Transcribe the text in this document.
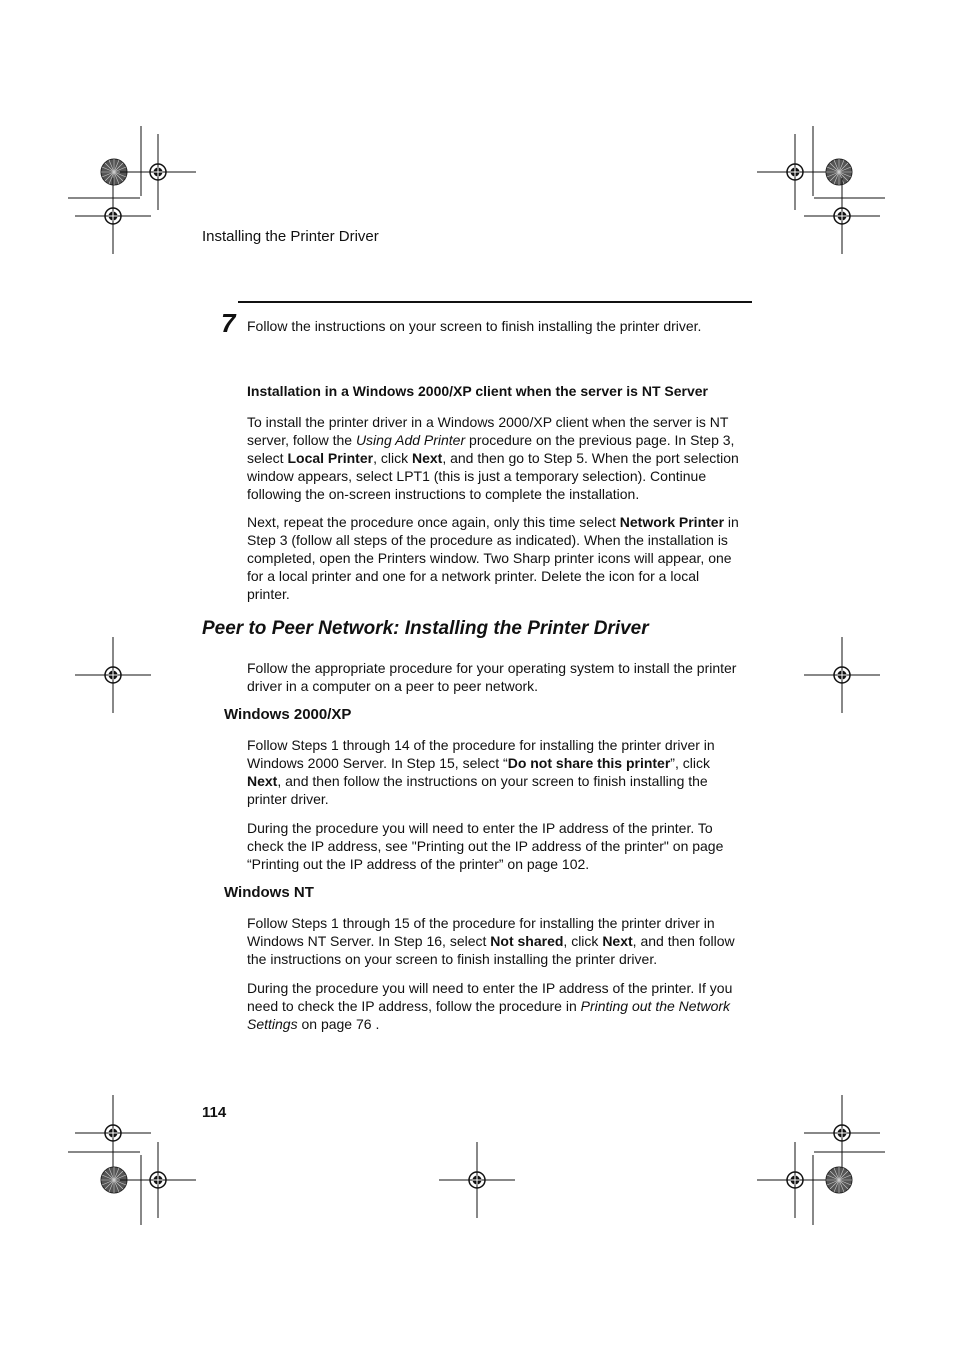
Installing the Printer Driver
7 Follow the instructions on your screen to finish installing the printer driver.
Installation in a Windows 2000/XP client when the server is NT Server
To install the printer driver in a Windows 2000/XP client when the server is NT server, follow the Using Add Printer procedure on the previous page. In Step 3, select Local Printer, click Next, and then go to Step 5. When the port selection window appears, select LPT1 (this is just a temporary selection). Continue following the on-screen instructions to complete the installation.
Next, repeat the procedure once again, only this time select Network Printer in Step 3 (follow all steps of the procedure as indicated). When the installation is completed, open the Printers window. Two Sharp printer icons will appear, one for a local printer and one for a network printer. Delete the icon for a local printer.
Peer to Peer Network: Installing the Printer Driver
Follow the appropriate procedure for your operating system to install the printer driver in a computer on a peer to peer network.
Windows 2000/XP
Follow Steps 1 through 14 of the procedure for installing the printer driver in Windows 2000 Server. In Step 15, select “Do not share this printer”, click Next, and then follow the instructions on your screen to finish installing the printer driver.
During the procedure you will need to enter the IP address of the printer. To check the IP address, see "Printing out the IP address of the printer" on page “Printing out the IP address of the printer” on page 102.
Windows NT
Follow Steps 1 through 15 of the procedure for installing the printer driver in Windows NT Server. In Step 16, select Not shared, click Next, and then follow the instructions on your screen to finish installing the printer driver.
During the procedure you will need to enter the IP address of the printer. If you need to check the IP address, follow the procedure in Printing out the Network Settings on page 76 .
114
